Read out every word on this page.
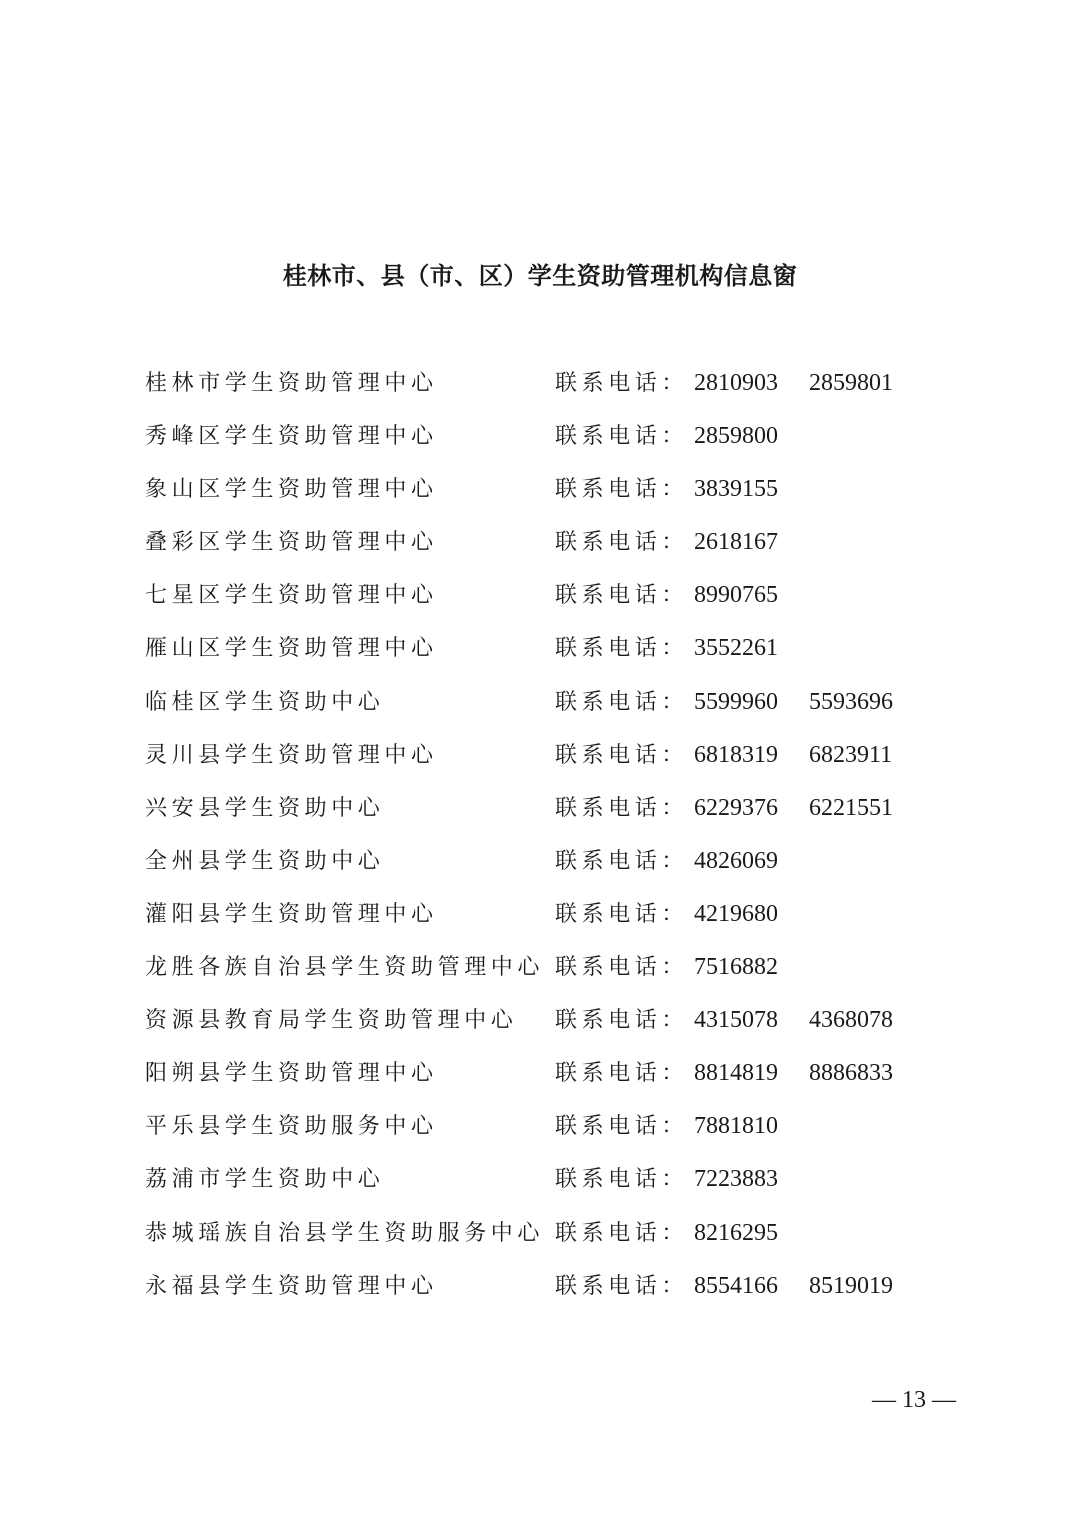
桂林市、县（市、区）学生资助管理机构信息窗
桂林市学生资助管理中心	联系电话： 2810903 2859801
秀峰区学生资助管理中心	联系电话： 2859800
象山区学生资助管理中心	联系电话： 3839155
叠彩区学生资助管理中心	联系电话： 2618167
七星区学生资助管理中心	联系电话： 8990765
雁山区学生资助管理中心	联系电话： 3552261
临桂区学生资助中心	联系电话： 5599960 5593696
灵川县学生资助管理中心	联系电话： 6818319 6823911
兴安县学生资助中心	联系电话： 6229376 6221551
全州县学生资助中心	联系电话： 4826069
灌阳县学生资助管理中心	联系电话： 4219680
龙胜各族自治县学生资助管理中心 联系电话： 7516882
资源县教育局学生资助管理中心 联系电话： 4315078 4368078
阳朔县学生资助管理中心	联系电话： 8814819 8886833
平乐县学生资助服务中心	联系电话： 7881810
荔浦市学生资助中心	联系电话： 7223883
恭城瑶族自治县学生资助服务中心 联系电话： 8216295
永福县学生资助管理中心	联系电话： 8554166 8519019
— 13 —
